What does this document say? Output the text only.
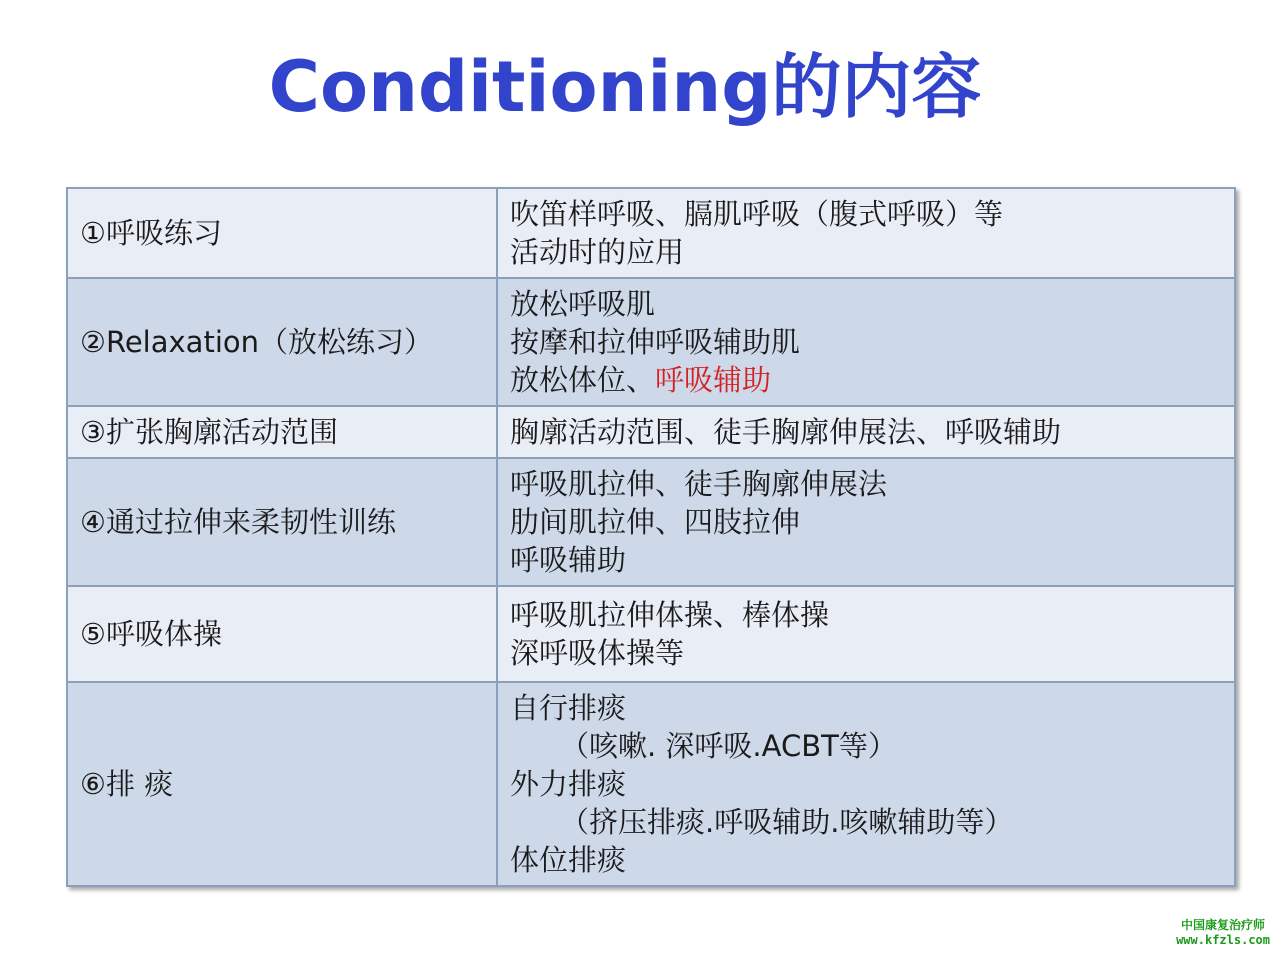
Conditioning的内容
①呼吸练习	吹笛样呼吸、膈肌呼吸（腹式呼吸）等
活动时的应用

②Relaxation（放松练习）	放松呼吸肌
按摩和拉伸呼吸辅助肌
放松体位、呼吸辅助

③扩张胸廓活动范围	胸廓活动范围、徒手胸廓伸展法、呼吸辅助

④通过拉伸来柔韧性训练	呼吸肌拉伸、徒手胸廓伸展法
肋间肌拉伸、四肢拉伸
呼吸辅助

⑤呼吸体操	呼吸肌拉伸体操、棒体操
深呼吸体操等

⑥排 痰	自行排痰
（咳嗽. 深呼吸.ACBT等）
外力排痰
（挤压排痰.呼吸辅助.咳嗽辅助等）
体位排痰
中国康复治疗师
www.kfzls.com
